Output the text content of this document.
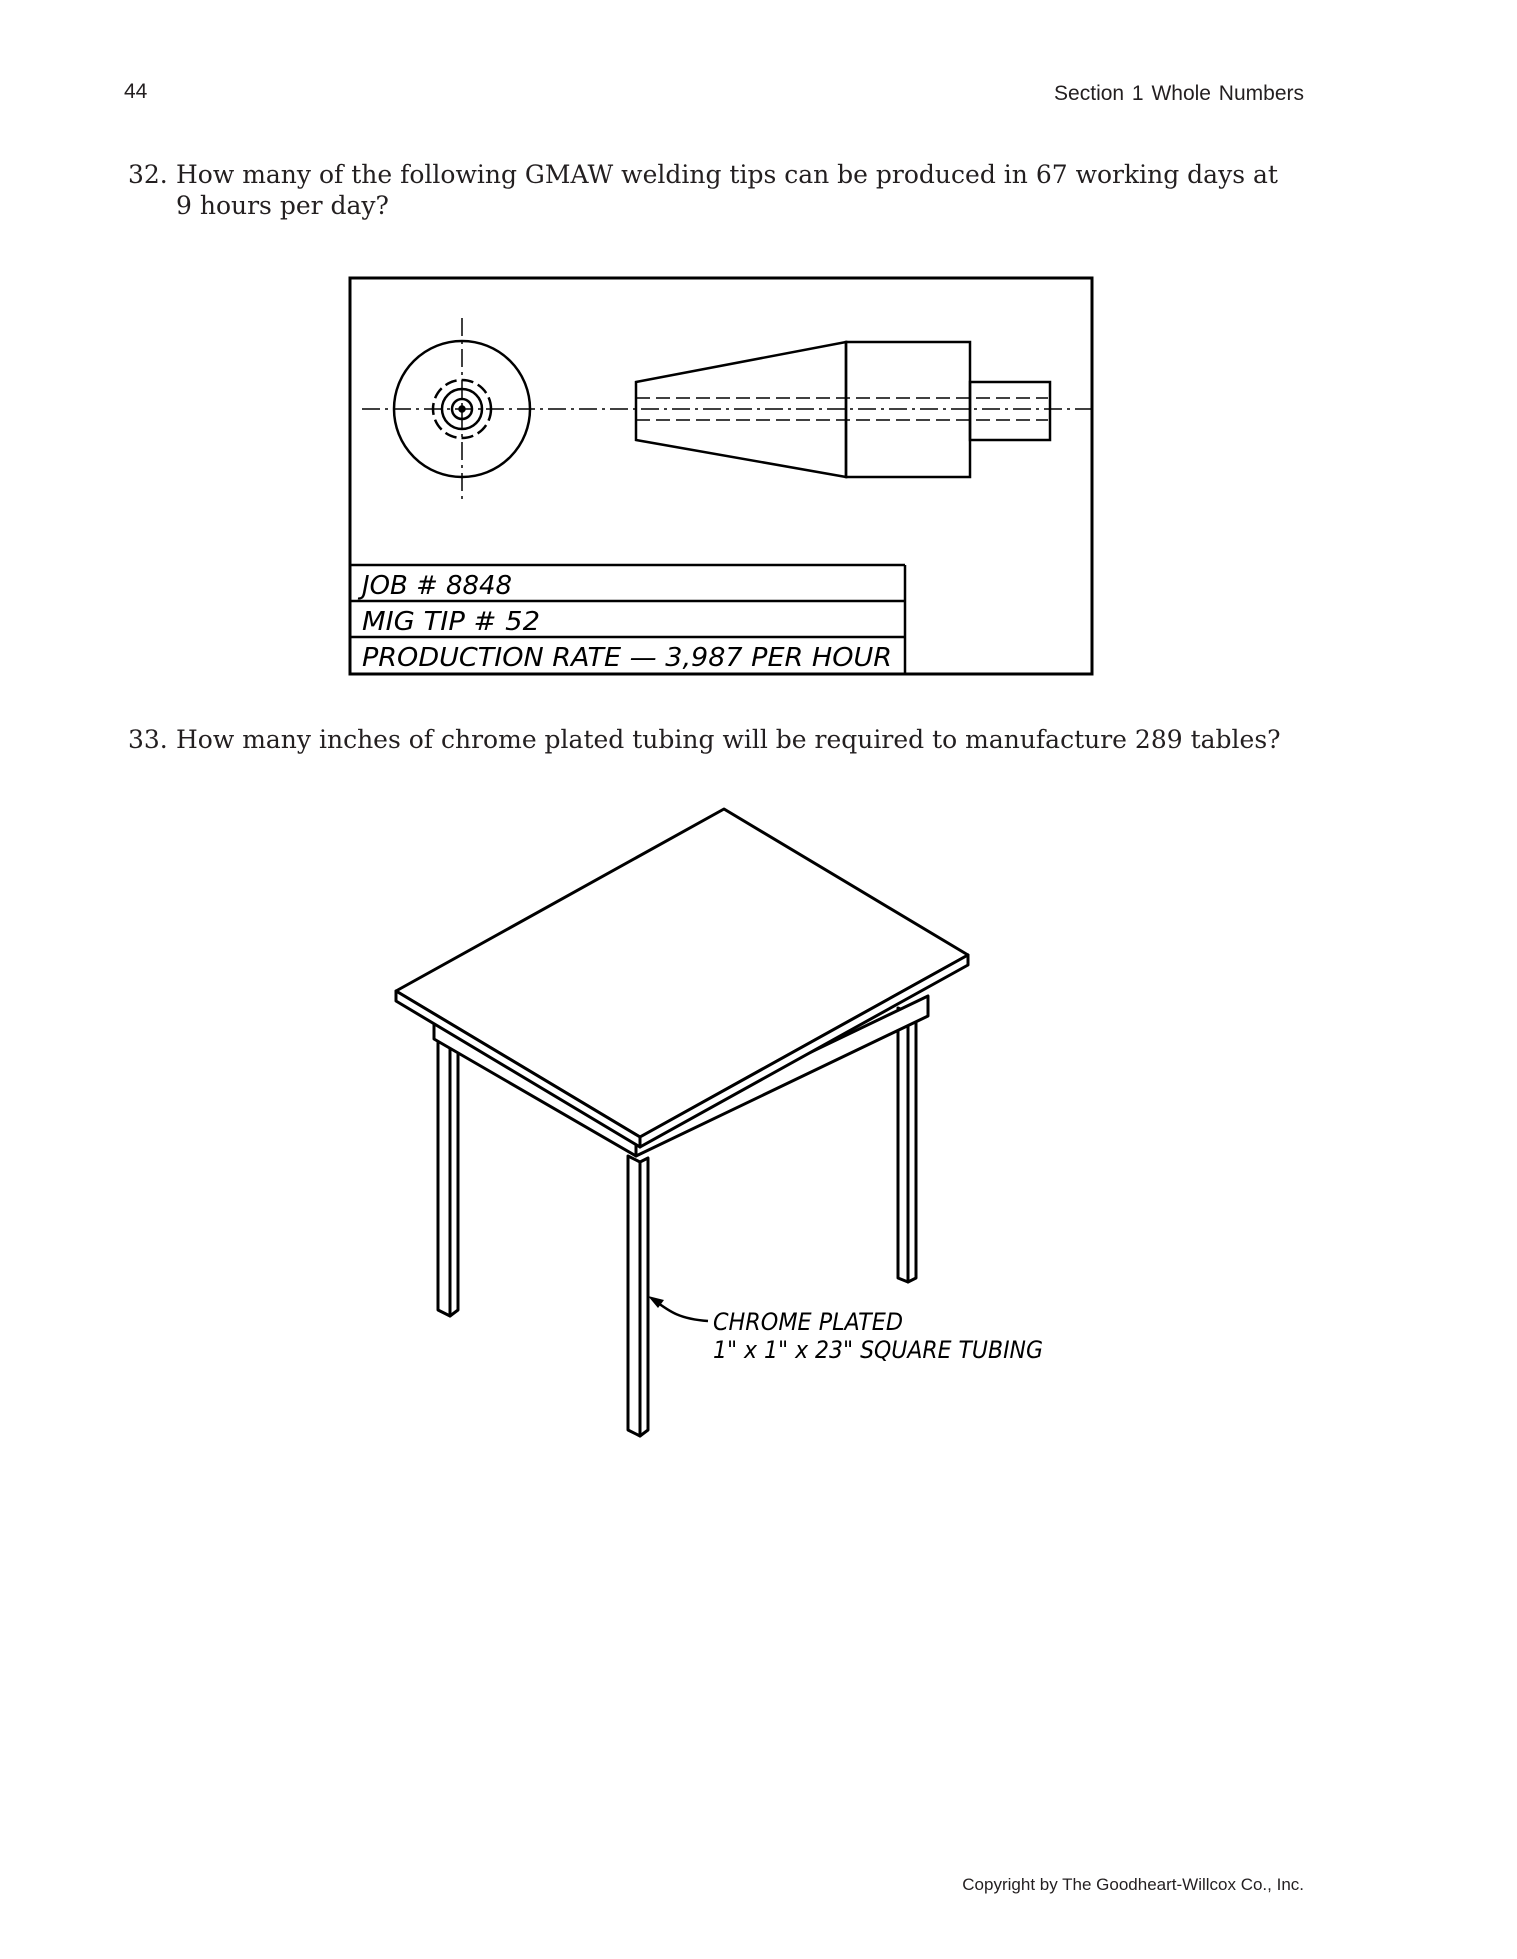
44	Section 1 Whole Numbers
32. How many of the following GMAW welding tips can be produced in 67 working days at 9 hours per day?
JOB # 8848
MIG TIP # 52
PRODUCTION RATE — 3,987 PER HOUR
33. How many inches of chrome plated tubing will be required to manufacture 289 tables?
CHROME PLATED
1" x 1" x 23" SQUARE TUBING
Copyright by The Goodheart-Willcox Co., Inc.
